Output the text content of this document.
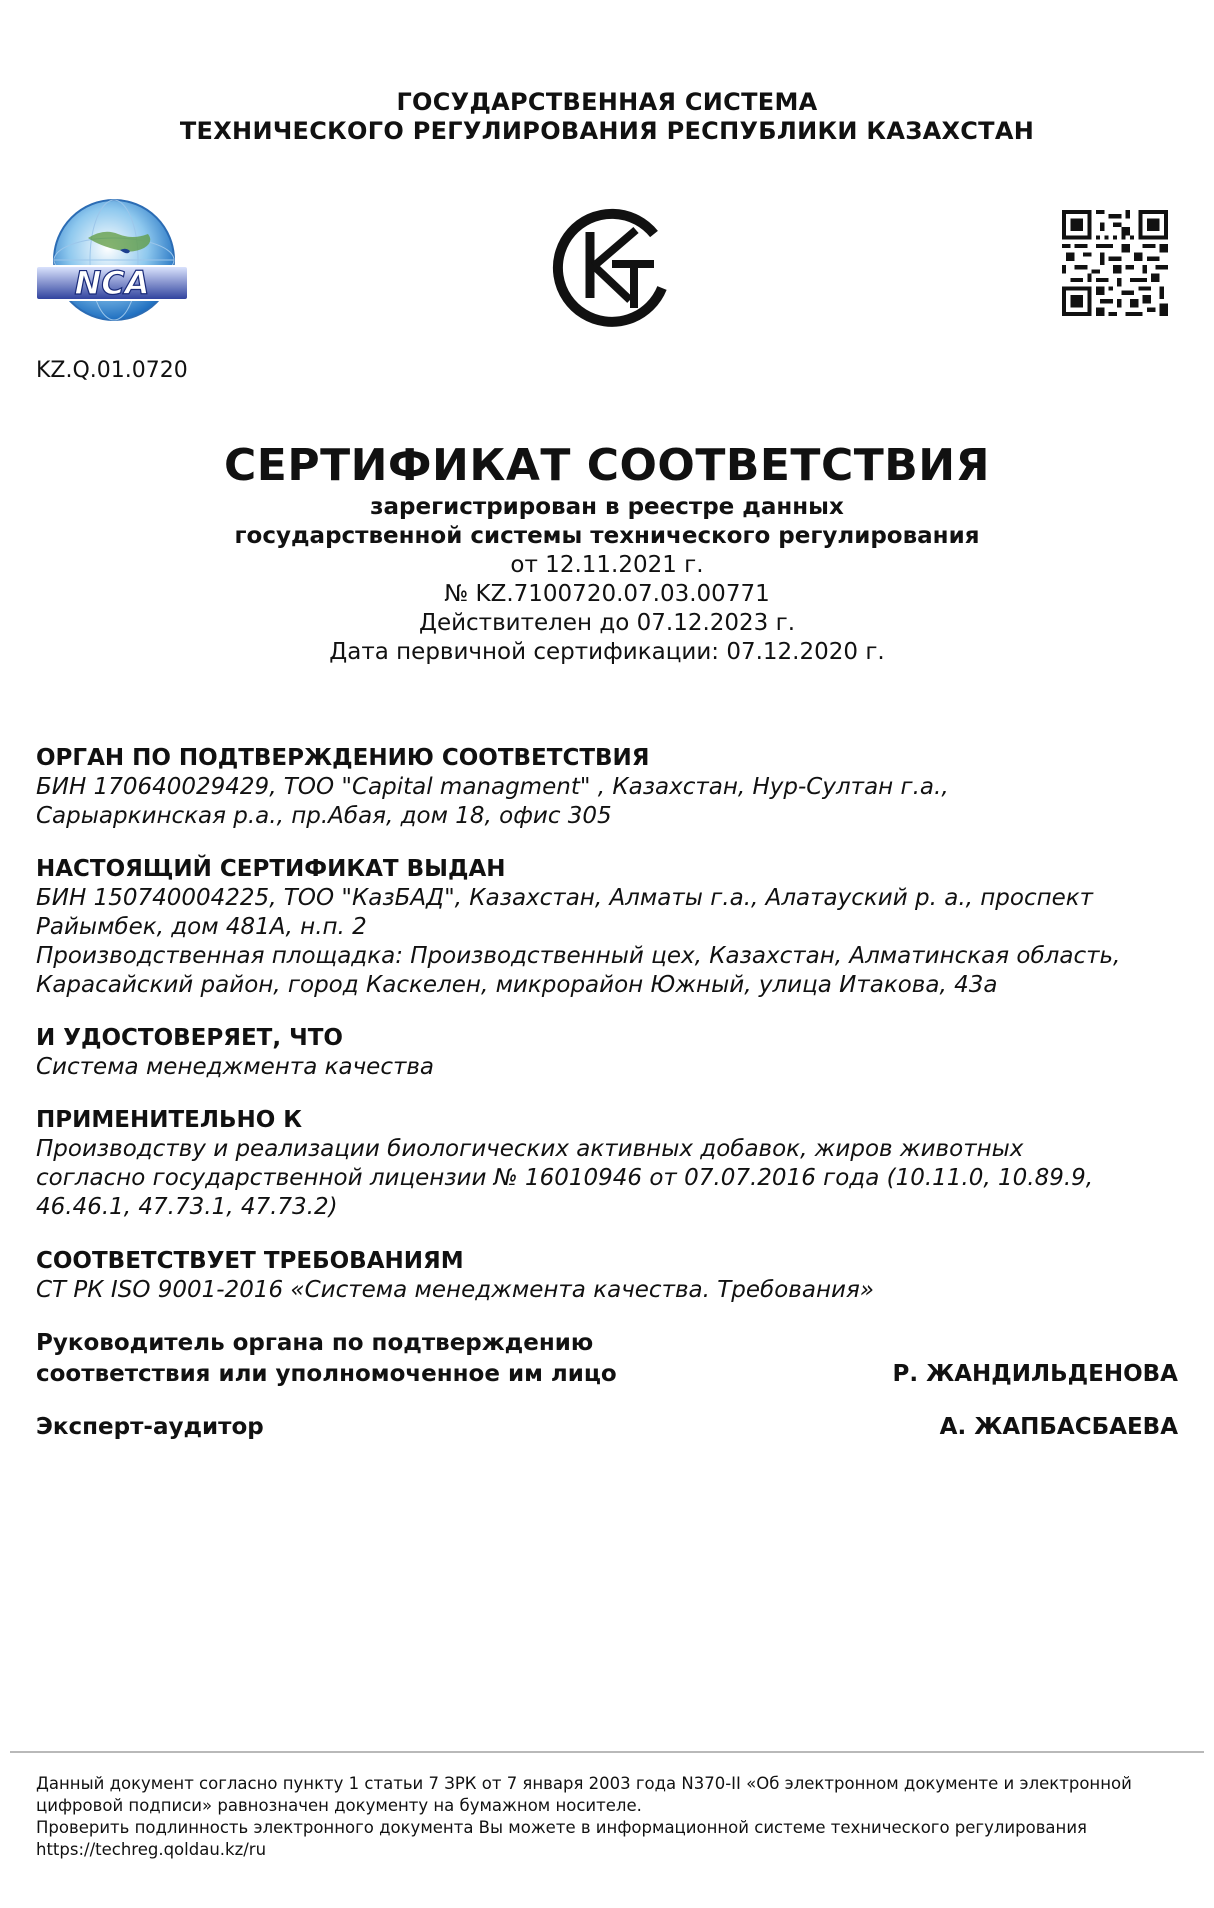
ГОСУДАРСТВЕННАЯ СИСТЕМА
ТЕХНИЧЕСКОГО РЕГУЛИРОВАНИЯ РЕСПУБЛИКИ КАЗАХСТАН
NCA
KZ.Q.01.0720
СЕРТИФИКАТ СООТВЕТСТВИЯ
зарегистрирован в реестре данных
государственной системы технического регулирования
от 12.11.2021 г.
№ KZ.7100720.07.03.00771
Действителен до 07.12.2023 г.
Дата первичной сертификации: 07.12.2020 г.
ОРГАН ПО ПОДТВЕРЖДЕНИЮ СООТВЕТСТВИЯ
БИН 170640029429, ТОО "Capital managment" , Казахстан, Нур-Султан г.а.,
Сарыаркинская р.а., пр.Абая, дом 18, офис 305
НАСТОЯЩИЙ СЕРТИФИКАТ ВЫДАН
БИН 150740004225, ТОО "КазБАД", Казахстан, Алматы г.а., Алатауский р. а., проспект
Райымбек, дом 481А, н.п. 2
Производственная площадка: Производственный цех, Казахстан, Алматинская область,
Карасайский район, город Каскелен, микрорайон Южный, улица Итакова, 43а
И УДОСТОВЕРЯЕТ, ЧТО
Система менеджмента качества
ПРИМЕНИТЕЛЬНО К
Производству и реализации биологических активных добавок, жиров животных
согласно государственной лицензии № 16010946 от 07.07.2016 года (10.11.0, 10.89.9,
46.46.1, 47.73.1, 47.73.2)
СООТВЕТСТВУЕТ ТРЕБОВАНИЯМ
СТ РК ISO 9001-2016 «Система менеджмента качества. Требования»
Руководитель органа по подтверждению
соответствия или уполномоченное им лицо	Р. ЖАНДИЛЬДЕНОВА
Эксперт-аудитор	А. ЖАПБАСБАЕВА
Данный документ согласно пункту 1 статьи 7 ЗРК от 7 января 2003 года N370-II «Об электронном документе и электронной
цифровой подписи» равнозначен документу на бумажном носителе.
Проверить подлинность электронного документа Вы можете в информационной системе технического регулирования
https://techreg.qoldau.kz/ru
